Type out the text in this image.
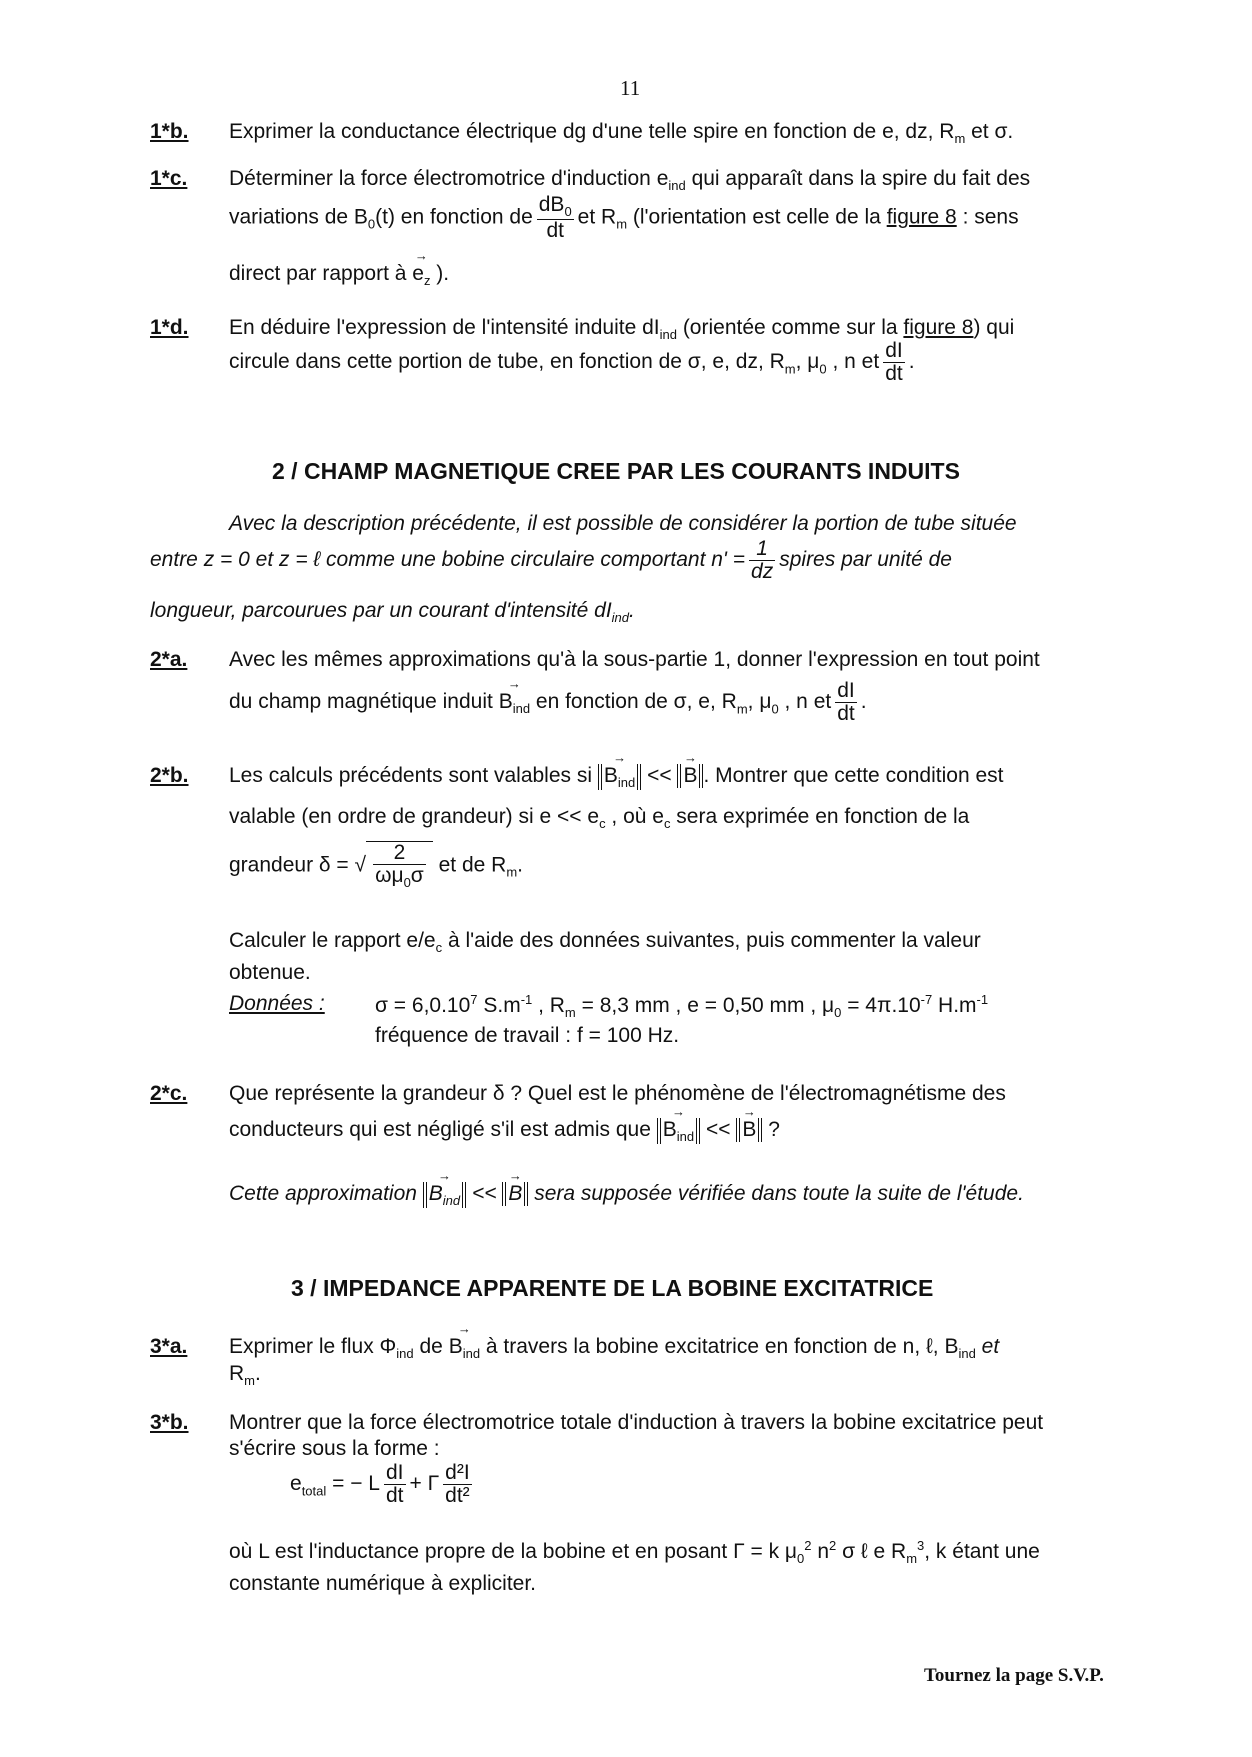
11
1*b. Exprimer la conductance électrique dg d'une telle spire en fonction de e, dz, $R_m$ et σ.
1*c. Déterminer la force électromotrice d'induction $e_{ind}$ qui apparaît dans la spire du fait des
variations de $B_0(t)$ en fonction de $\frac{dB_0}{dt}$ et $R_m$ (l'orientation est celle de la figure 8 : sens
direct par rapport à → $e_z$ ).
1*d. En déduire l'expression de l'intensité induite $dI_{ind}$ (orientée comme sur la figure 8) qui
circule dans cette portion de tube, en fonction de σ, e, dz, $R_m$, $\mu_0$ , n et $\frac{dI}{dt}$ .
2 / CHAMP MAGNETIQUE CREE PAR LES COURANTS INDUITS
Avec la description précédente, il est possible de considérer la portion de tube située
entre z = 0 et z = ℓ comme une bobine circulaire comportant $n' = \frac{1}{dz}$ spires par unité de
longueur, parcourues par un courant d'intensité $dI_{ind}$.
2*a. Avec les mêmes approximations qu'à la sous-partie 1, donner l'expression en tout point
du champ magnétique induit → $B_{ind}$ en fonction de σ, e, $R_m$, $\mu_0$ , n et $\frac{dI}{dt}$ .
2*b. Les calculs précédents sont valables si → $B_{ind}$ << → B . Montrer que cette condition est
valable (en ordre de grandeur) si $e << e_c$ , où $e_c$ sera exprimée en fonction de la
grandeur δ = √ $\frac{2}{\omega\mu_0\sigma}$ et de $R_m$.
Calculer le rapport $e/e_c$ à l'aide des données suivantes, puis commenter la valeur
obtenue.
Données : $\sigma = 6,0.10^7$ $S.m^{-1}$ , $R_m = 8,3$ mm , e = 0,50 mm , $\mu_0 = 4\pi.10^{-7}$ $H.m^{-1}$
fréquence de travail : f = 100 Hz.
2*c. Que représente la grandeur δ ? Quel est le phénomène de l'électromagnétisme des
conducteurs qui est négligé s'il est admis que → $B_{ind}$ << → B ?
Cette approximation → $B_{ind}$ << → B sera supposée vérifiée dans toute la suite de l'étude.
3 / IMPEDANCE APPARENTE DE LA BOBINE EXCITATRICE
3*a. Exprimer le flux $\Phi_{ind}$ de → $B_{ind}$ à travers la bobine excitatrice en fonction de n, ℓ, $B_{ind}$ et
$R_m$.
3*b. Montrer que la force électromotrice totale d'induction à travers la bobine excitatrice peut
s'écrire sous la forme :
$e_{total}$ = − L $\frac{dI}{dt} + \Gamma \frac{\text{d²I}}{\text{dt²}}$
où L est l'inductance propre de la bobine et en posant Γ = k $\mu_0^2$ $n^2$ σ ℓ e $R_m^3$, k étant une
constante numérique à expliciter.
Tournez la page S.V.P.
